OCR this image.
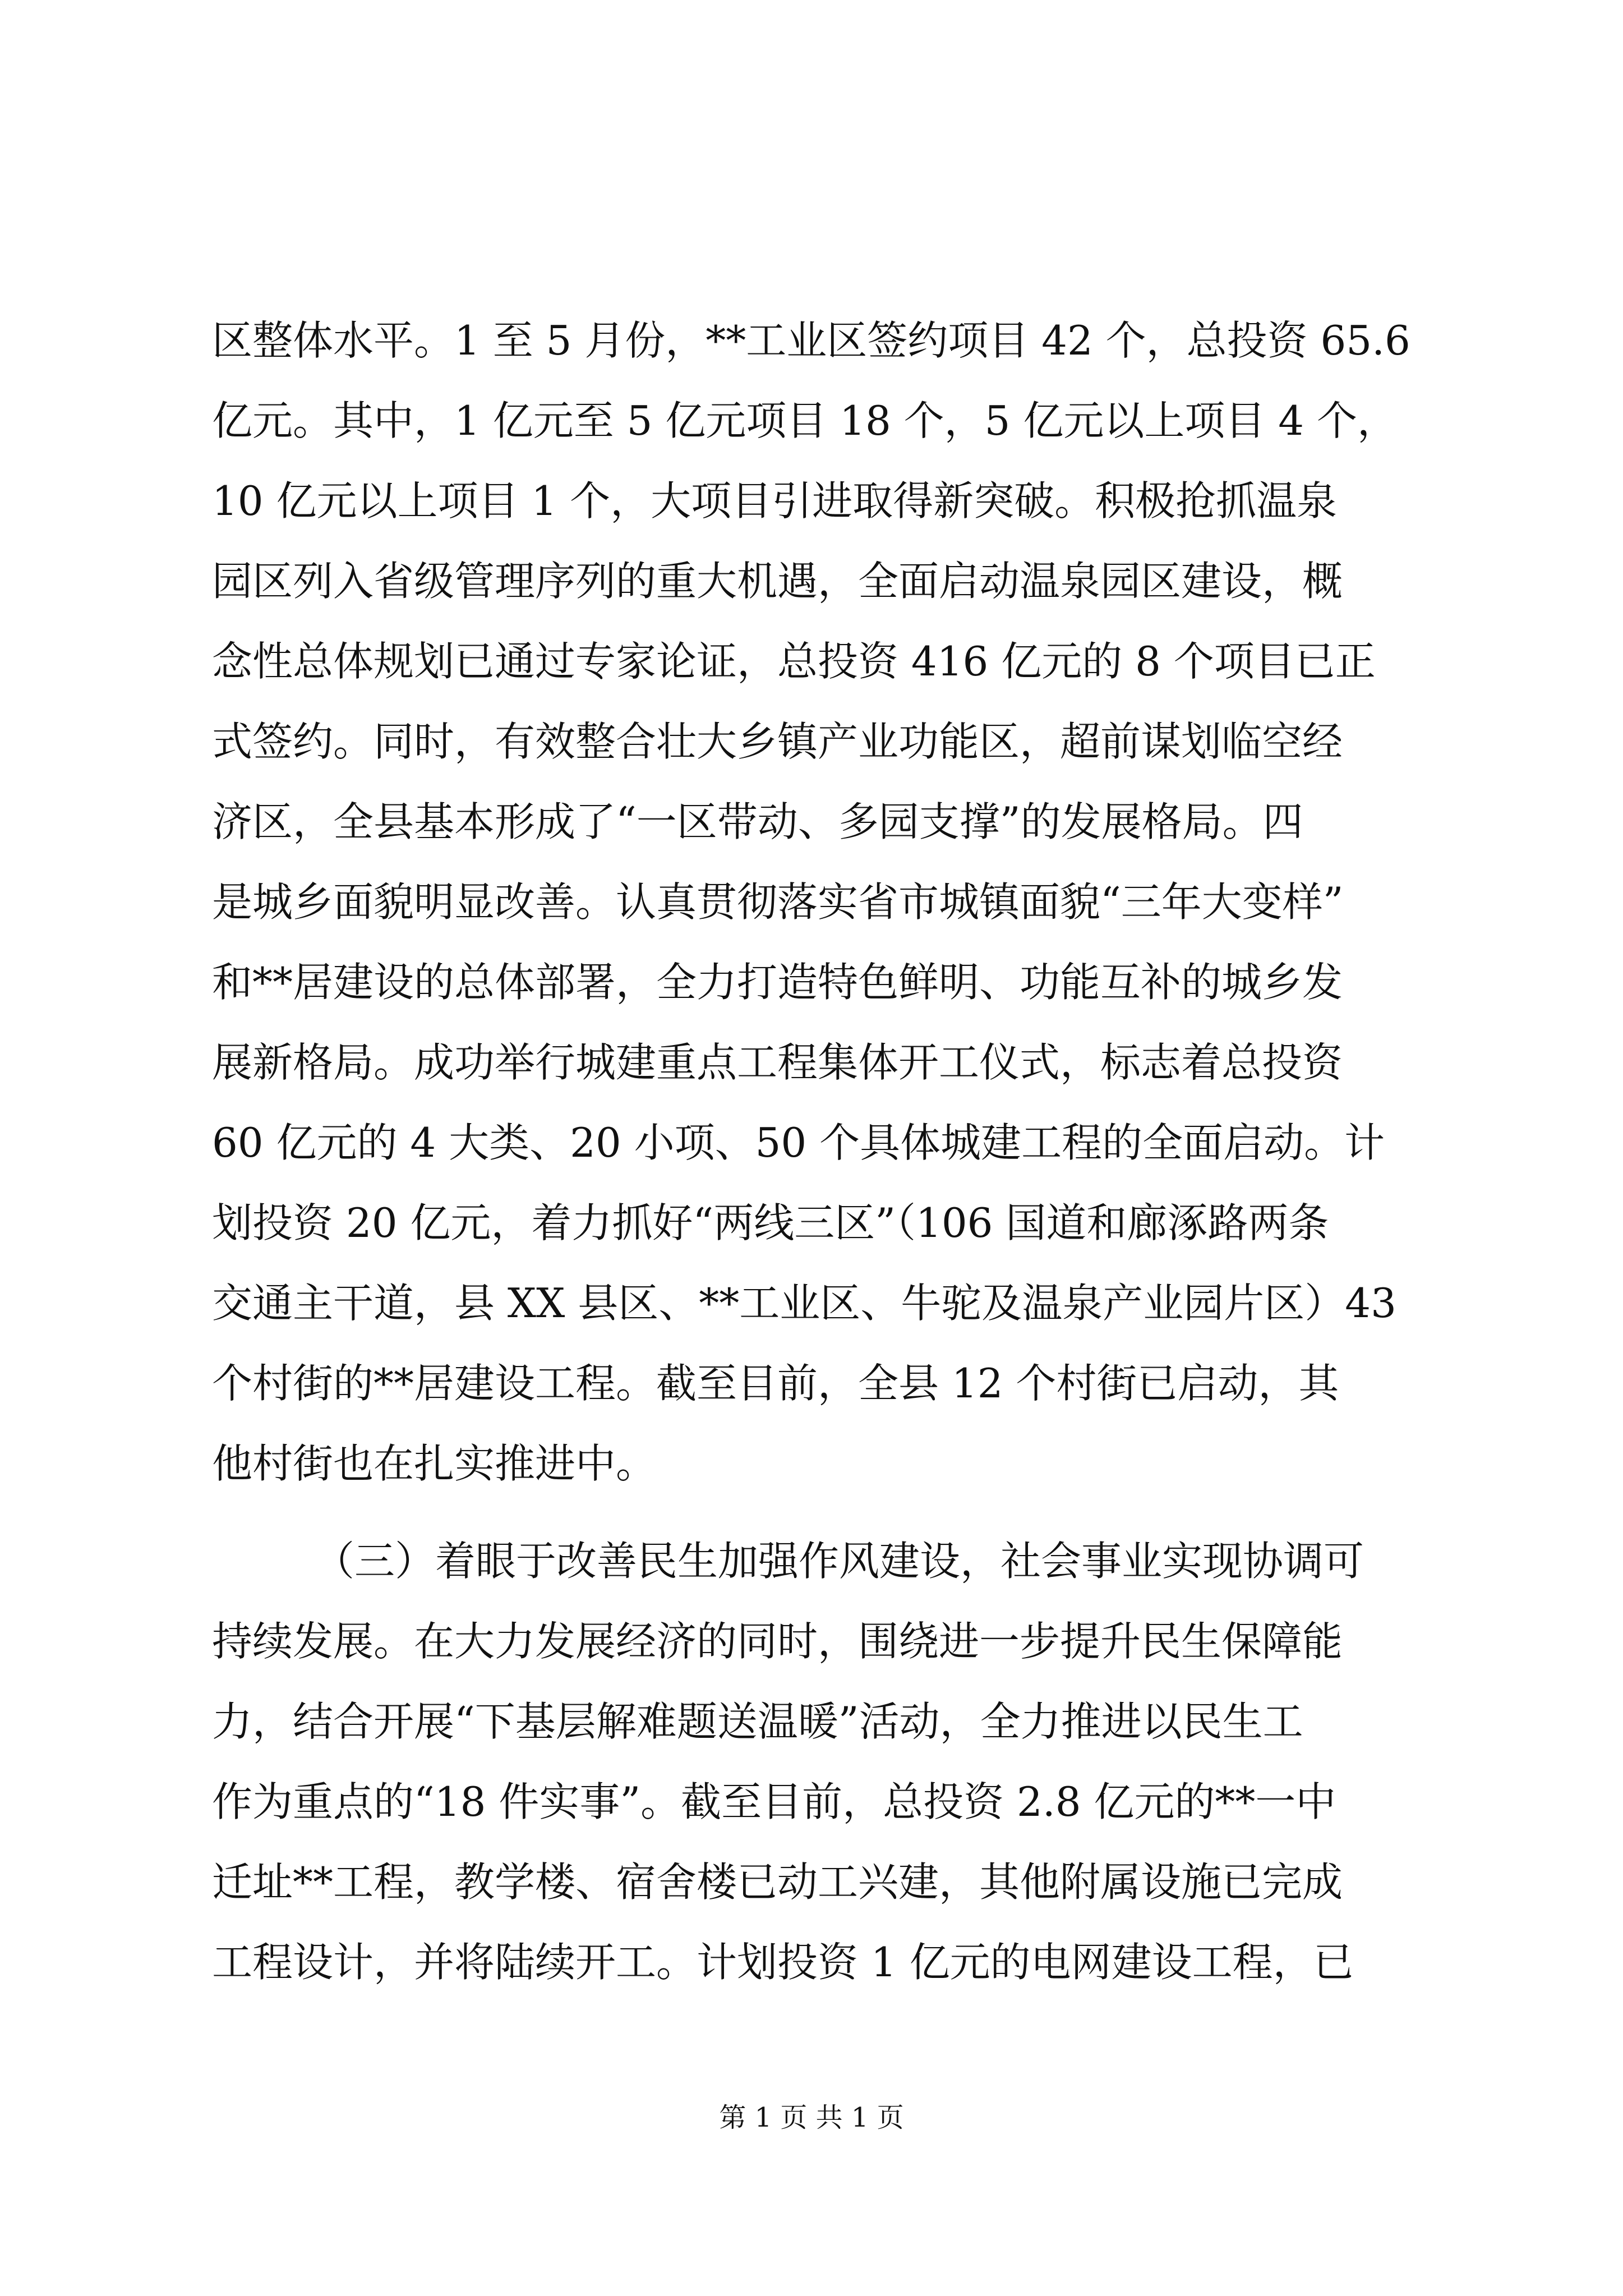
区整体水平。1 至 5 月份，**工业区签约项目 42 个，总投资 65.6
亿元。其中，1 亿元至 5 亿元项目 18 个，5 亿元以上项目 4 个，
10 亿元以上项目 1 个，大项目引进取得新突破。积极抢抓温泉
园区列入省级管理序列的重大机遇，全面启动温泉园区建设，概
念性总体规划已通过专家论证，总投资 416 亿元的 8 个项目已正
式签约。同时，有效整合壮大乡镇产业功能区，超前谋划临空经
济区，全县基本形成了“一区带动、多园支撑”的发展格局。四
是城乡面貌明显改善。认真贯彻落实省市城镇面貌“三年大变样”
和**居建设的总体部署，全力打造特色鲜明、功能互补的城乡发
展新格局。成功举行城建重点工程集体开工仪式，标志着总投资
60 亿元的 4 大类、20 小项、50 个具体城建工程的全面启动。计
划投资 20 亿元，着力抓好“两线三区”（106 国道和廊涿路两条
交通主干道，县 XX 县区、**工业区、牛驼及温泉产业园片区）43
个村街的**居建设工程。截至目前，全县 12 个村街已启动，其
他村街也在扎实推进中。
（三）着眼于改善民生加强作风建设，社会事业实现协调可
持续发展。在大力发展经济的同时，围绕进一步提升民生保障能
力，结合开展“下基层解难题送温暖”活动，全力推进以民生工
作为重点的“18 件实事”。截至目前，总投资 2.8 亿元的**一中
迁址**工程，教学楼、宿舍楼已动工兴建，其他附属设施已完成
工程设计，并将陆续开工。计划投资 1 亿元的电网建设工程，已
第 1 页 共 1 页
